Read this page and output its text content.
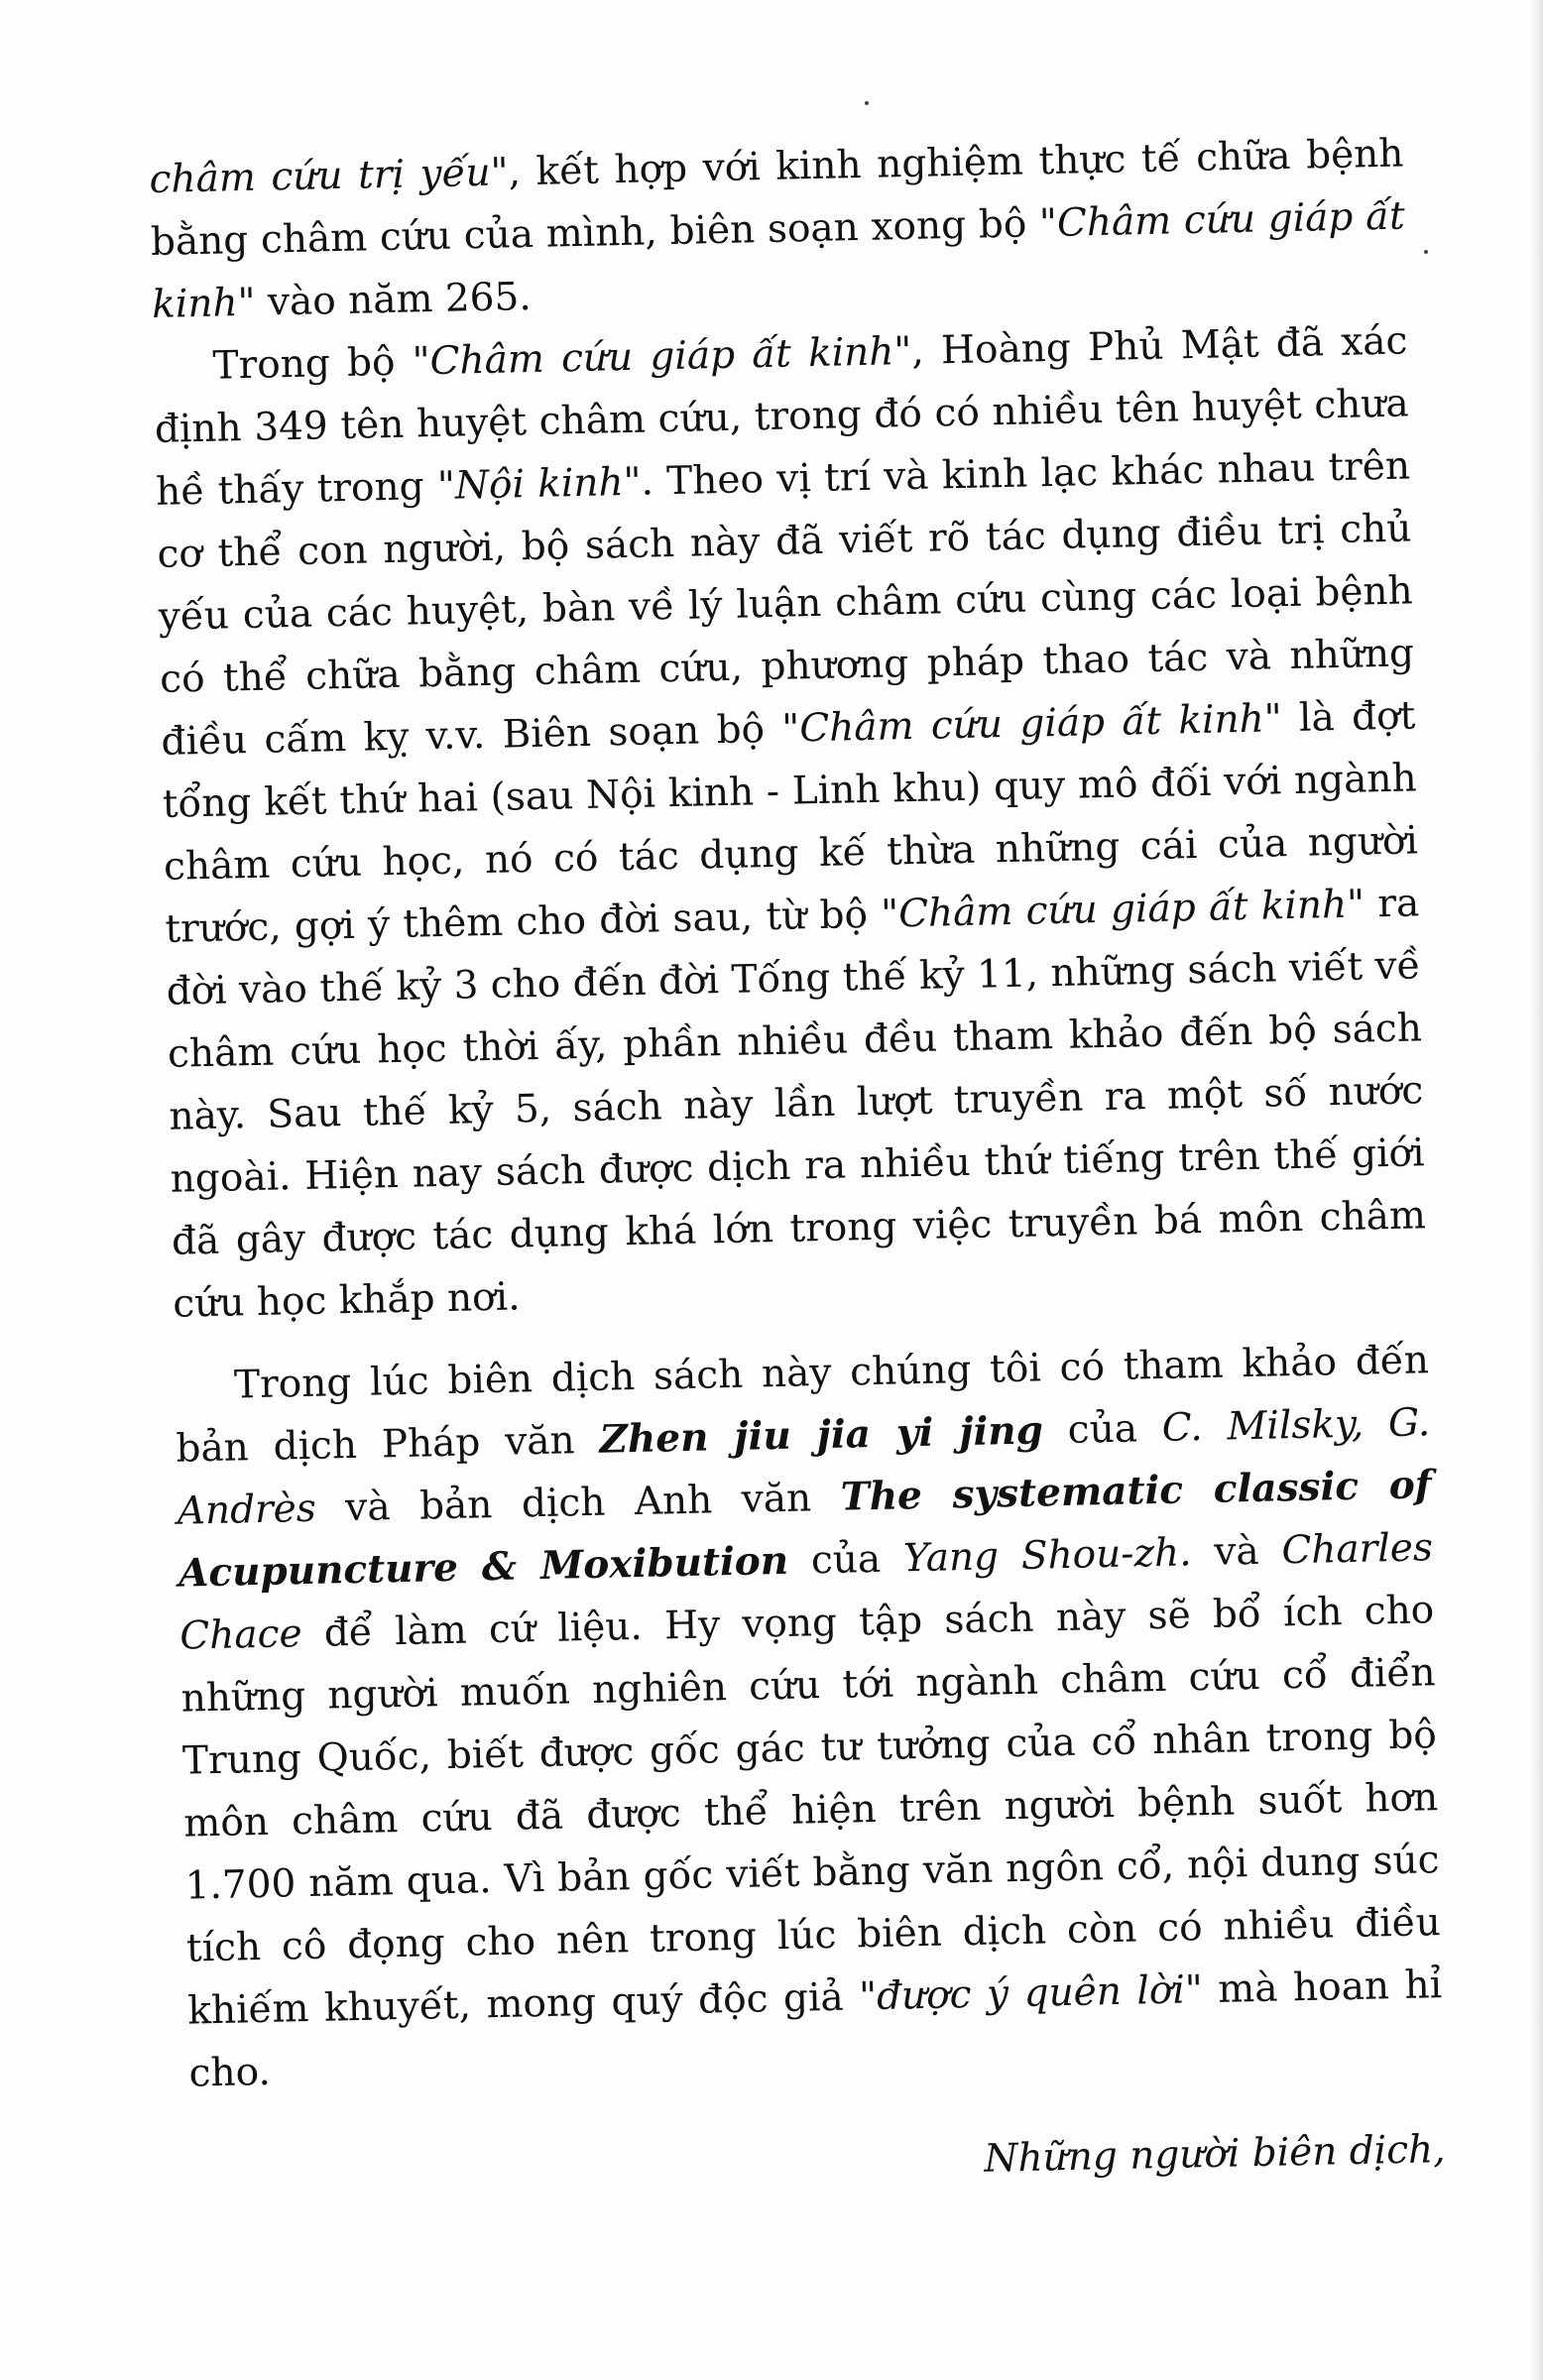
châm cứu trị yếu", kết hợp với kinh nghiệm thực tế chữa bệnh bằng châm cứu của mình, biên soạn xong bộ "Châm cứu giáp ất kinh" vào năm 265.

Trong bộ "Châm cứu giáp ất kinh", Hoàng Phủ Mật đã xác định 349 tên huyệt châm cứu, trong đó có nhiều tên huyệt chưa hề thấy trong "Nội kinh". Theo vị trí và kinh lạc khác nhau trên cơ thể con người, bộ sách này đã viết rõ tác dụng điều trị chủ yếu của các huyệt, bàn về lý luận châm cứu cùng các loại bệnh có thể chữa bằng châm cứu, phương pháp thao tác và những điều cấm kỵ v.v. Biên soạn bộ "Châm cứu giáp ất kinh" là đợt tổng kết thứ hai (sau Nội kinh - Linh khu) quy mô đối với ngành châm cứu học, nó có tác dụng kế thừa những cái của người trước, gợi ý thêm cho đời sau, từ bộ "Châm cứu giáp ất kinh" ra đời vào thế kỷ 3 cho đến đời Tống thế kỷ 11, những sách viết về châm cứu học thời ấy, phần nhiều đều tham khảo đến bộ sách này. Sau thế kỷ 5, sách này lần lượt truyền ra một số nước ngoài. Hiện nay sách được dịch ra nhiều thứ tiếng trên thế giới đã gây được tác dụng khá lớn trong việc truyền bá môn châm cứu học khắp nơi.

Trong lúc biên dịch sách này chúng tôi có tham khảo đến bản dịch Pháp văn Zhen jiu jia yi jing của C. Milsky, G. Andrès và bản dịch Anh văn The systematic classic of Acupuncture & Moxibution của Yang Shou-zh. và Charles Chace để làm cứ liệu. Hy vọng tập sách này sẽ bổ ích cho những người muốn nghiên cứu tới ngành châm cứu cổ điển Trung Quốc, biết được gốc gác tư tưởng của cổ nhân trong bộ môn châm cứu đã được thể hiện trên người bệnh suốt hơn 1.700 năm qua. Vì bản gốc viết bằng văn ngôn cổ, nội dung súc tích cô đọng cho nên trong lúc biên dịch còn có nhiều điều khiếm khuyết, mong quý độc giả "được ý quên lời" mà hoan hỉ cho.

Những người biên dịch,
